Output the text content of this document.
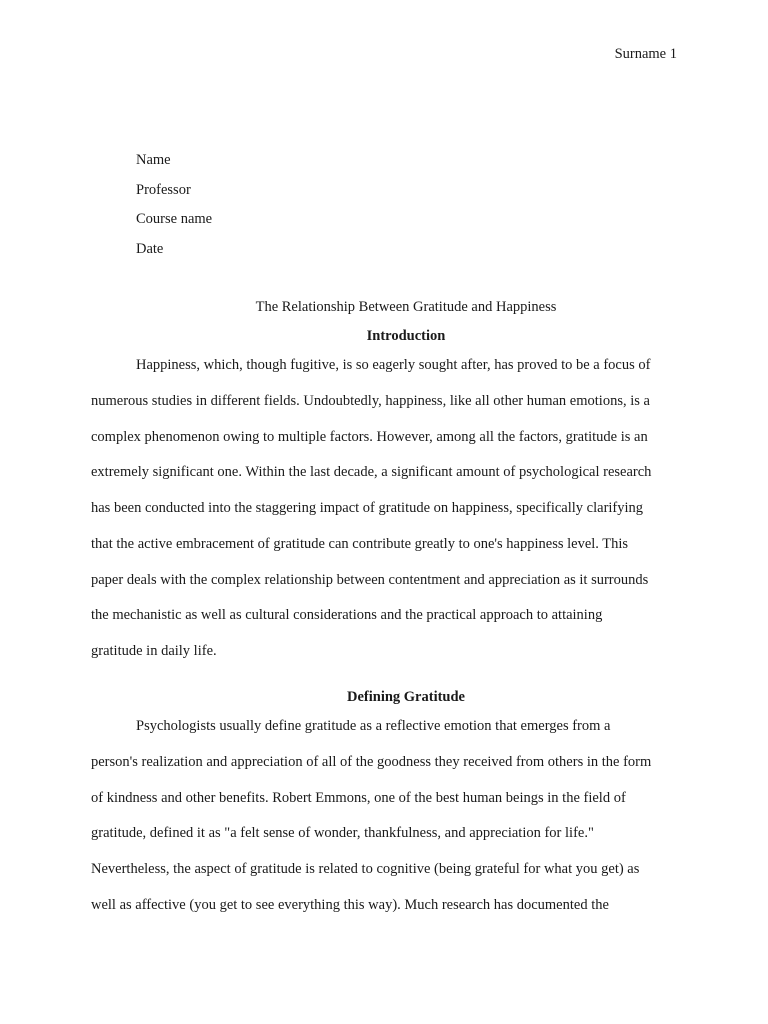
Surname 1
Name
Professor
Course name
Date
The Relationship Between Gratitude and Happiness
Introduction
Happiness, which, though fugitive, is so eagerly sought after, has proved to be a focus of
numerous studies in different fields. Undoubtedly, happiness, like all other human emotions, is a
complex phenomenon owing to multiple factors. However, among all the factors, gratitude is an
extremely significant one. Within the last decade, a significant amount of psychological research
has been conducted into the staggering impact of gratitude on happiness, specifically clarifying
that the active embracement of gratitude can contribute greatly to one's happiness level. This
paper deals with the complex relationship between contentment and appreciation as it surrounds
the mechanistic as well as cultural considerations and the practical approach to attaining
gratitude in daily life.
Defining Gratitude
Psychologists usually define gratitude as a reflective emotion that emerges from a
person's realization and appreciation of all of the goodness they received from others in the form
of kindness and other benefits. Robert Emmons, one of the best human beings in the field of
gratitude, defined it as "a felt sense of wonder, thankfulness, and appreciation for life."
Nevertheless, the aspect of gratitude is related to cognitive (being grateful for what you get) as
well as affective (you get to see everything this way). Much research has documented the
